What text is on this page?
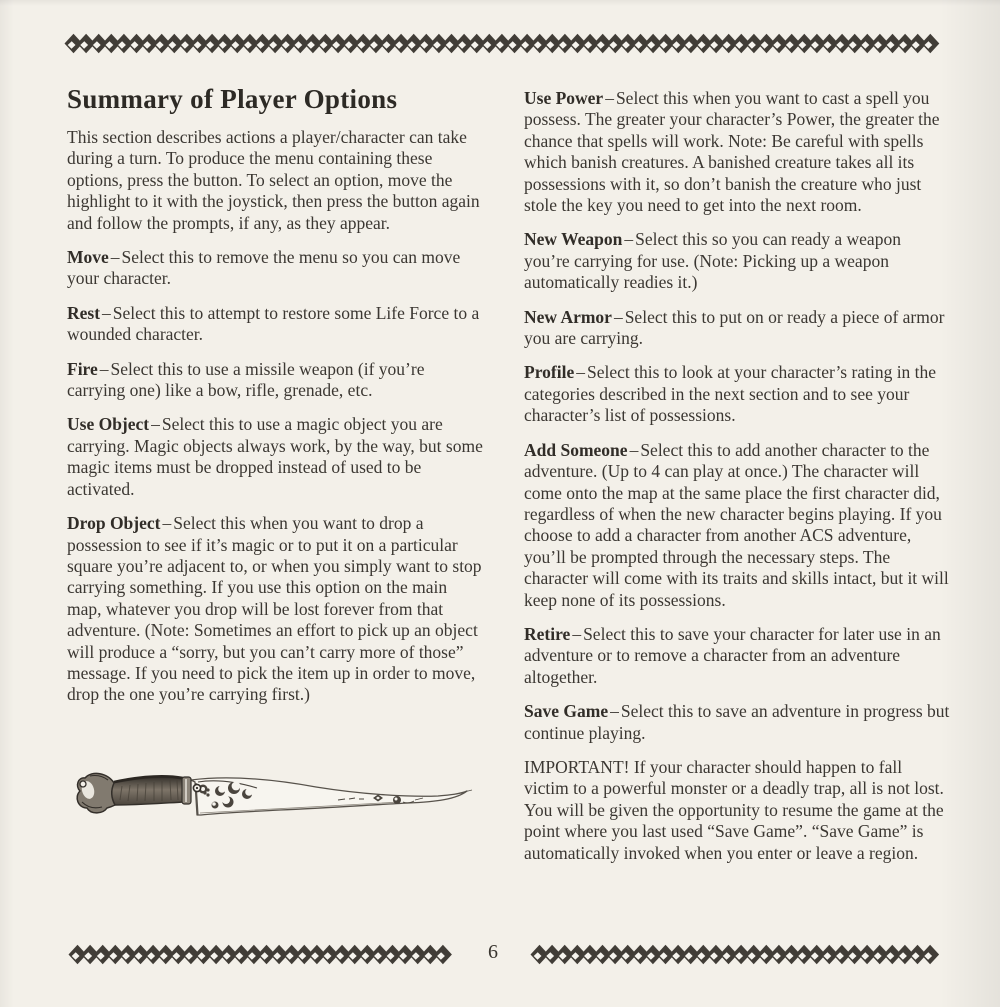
Summary of Player Options

This section describes actions a player/character can take during a turn. To produce the menu containing these options, press the button. To select an option, move the highlight to it with the joystick, then press the button again and follow the prompts, if any, as they appear.

Move – Select this to remove the menu so you can move your character.

Rest – Select this to attempt to restore some Life Force to a wounded character.

Fire – Select this to use a missile weapon (if you’re carrying one) like a bow, rifle, grenade, etc.

Use Object – Select this to use a magic object you are carrying. Magic objects always work, by the way, but some magic items must be dropped instead of used to be activated.

Drop Object – Select this when you want to drop a possession to see if it’s magic or to put it on a particular square you’re adjacent to, or when you simply want to stop carrying something. If you use this option on the main map, whatever you drop will be lost forever from that adventure. (Note: Sometimes an effort to pick up an object will produce a “sorry, but you can’t carry more of those” message. If you need to pick the item up in order to move, drop the one you’re carrying first.)

Use Power – Select this when you want to cast a spell you possess. The greater your character’s Power, the greater the chance that spells will work. Note: Be careful with spells which banish creatures. A banished creature takes all its possessions with it, so don’t banish the creature who just stole the key you need to get into the next room.

New Weapon – Select this so you can ready a weapon you’re carrying for use. (Note: Picking up a weapon automatically readies it.)

New Armor – Select this to put on or ready a piece of armor you are carrying.

Profile – Select this to look at your character’s rating in the categories described in the next section and to see your character’s list of possessions.

Add Someone – Select this to add another character to the adventure. (Up to 4 can play at once.) The character will come onto the map at the same place the first character did, regardless of when the new character begins playing. If you choose to add a character from another ACS adventure, you’ll be prompted through the necessary steps. The character will come with its traits and skills intact, but it will keep none of its possessions.

Retire – Select this to save your character for later use in an adventure or to remove a character from an adventure altogether.

Save Game – Select this to save an adventure in progress but continue playing.

IMPORTANT! If your character should happen to fall victim to a powerful monster or a deadly trap, all is not lost. You will be given the opportunity to resume the game at the point where you last used “Save Game”. “Save Game” is automatically invoked when you enter or leave a region.

6
